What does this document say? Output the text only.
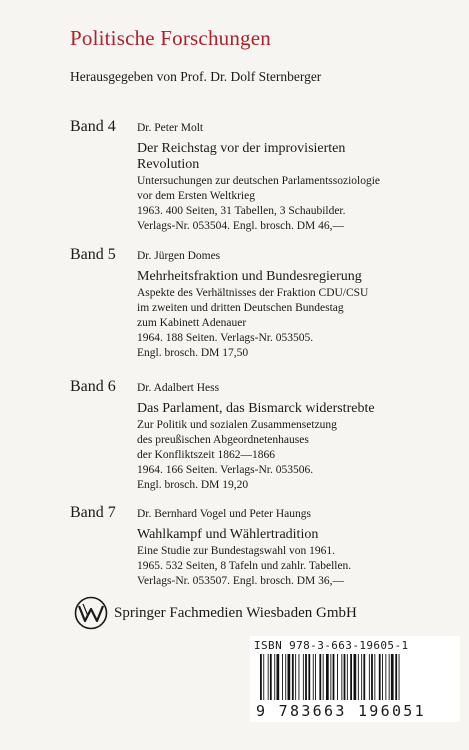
Politische Forschungen
Herausgegeben von Prof. Dr. Dolf Sternberger
Band 4 Dr. Peter Molt
Der Reichstag vor der improvisierten
Revolution
Untersuchungen zur deutschen Parlamentssoziologie
vor dem Ersten Weltkrieg
1963. 400 Seiten, 31 Tabellen, 3 Schaubilder.
Verlags-Nr. 053504. Engl. brosch. DM 46,—
Band 5 Dr. Jürgen Domes
Mehrheitsfraktion und Bundesregierung
Aspekte des Verhältnisses der Fraktion CDU/CSU
im zweiten und dritten Deutschen Bundestag
zum Kabinett Adenauer
1964. 188 Seiten. Verlags-Nr. 053505.
Engl. brosch. DM 17,50
Band 6 Dr. Adalbert Hess
Das Parlament, das Bismarck widerstrebte
Zur Politik und sozialen Zusammensetzung
des preußischen Abgeordnetenhauses
der Konfliktszeit 1862—1866
1964. 166 Seiten. Verlags-Nr. 053506.
Engl. brosch. DM 19,20
Band 7 Dr. Bernhard Vogel und Peter Haungs
Wahlkampf und Wählertradition
Eine Studie zur Bundestagswahl von 1961.
1965. 532 Seiten, 8 Tafeln und zahlr. Tabellen.
Verlags-Nr. 053507. Engl. brosch. DM 36,—
Springer Fachmedien Wiesbaden GmbH
ISBN 978-3-663-19605-1
9 783663 196051
